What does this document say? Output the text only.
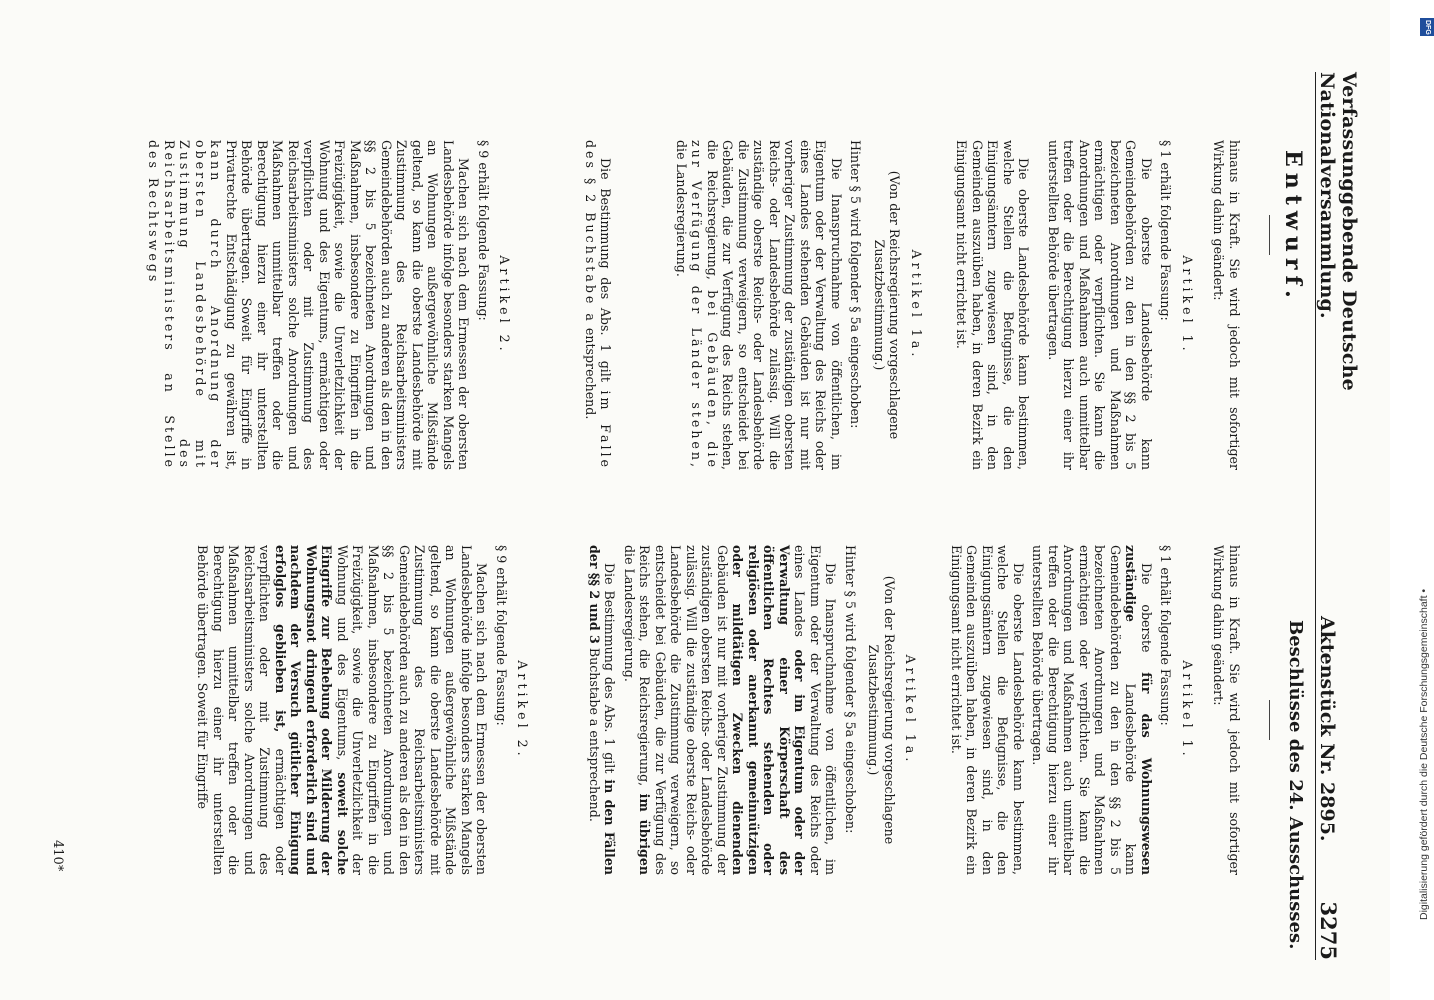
Verfassunggebende Deutsche Nationalversammlung.
Aktenstück Nr. 2895.
3275
Entwurf.
Beschlüsse des 24. Ausschusses.

hinaus in Kraft. Sie wird jedoch mit sofortiger Wirkung dahin geändert:

Artikel 1.

§ 1 erhält folgende Fassung:

Die oberste Landesbehörde kann Gemeindebehörden zu den in den §§ 2 bis 5 bezeichneten Anordnungen und Maßnahmen ermächtigen oder verpflichten. Sie kann die Anordnungen und Maßnahmen auch unmittelbar treffen oder die Berechtigung hierzu einer ihr unterstellten Behörde übertragen.

Die oberste Landesbehörde kann bestimmen, welche Stellen die Befugnisse, die den Einigungsämtern zugewiesen sind, in den Gemeinden auszuüben haben, in deren Bezirk ein Einigungsamt nicht errichtet ist.

Artikel 1a.

(Von der Reichsregierung vorgeschlagene Zusatzbestimmung.)

Hinter § 5 wird folgender § 5a eingeschoben:

Die Inanspruchnahme von öffentlichen, im Eigentum oder der Verwaltung des Reichs oder eines Landes stehenden Gebäuden ist nur mit vorheriger Zustimmung der zuständigen obersten Reichs- oder Landesbehörde zulässig. Will die zuständige oberste Reichs- oder Landesbehörde die Zustimmung verweigern, so entscheidet bei Gebäuden, die zur Verfügung des Reichs stehen, die Reichsregierung, bei Gebäuden, die zur Verfügung der Länder stehen, die Landesregierung.

Die Bestimmung des Abs. 1 gilt im Falle des § 2 Buchstabe a entsprechend.

Artikel 2.

§ 9 erhält folgende Fassung:

Machen sich nach dem Ermessen der obersten Landesbehörde infolge besonders starken Mangels an Wohnungen außergewöhnliche Mißstände geltend, so kann die oberste Landesbehörde mit Zustimmung des Reichsarbeitsministers Gemeindebehörden auch zu anderen als den in den §§ 2 bis 5 bezeichneten Anordnungen und Maßnahmen, insbesondere zu Eingriffen in die Freizügigkeit, sowie die Unverletzlichkeit der Wohnung und des Eigentums, ermächtigen oder verpflichten oder mit Zustimmung des Reichsarbeitsministers solche Anordnungen und Maßnahmen unmittelbar treffen oder die Berechtigung hierzu einer ihr unterstellten Behörde übertragen. Soweit für Eingriffe in Privatrechte Entschädigung zu gewähren ist, kann durch Anordnung der obersten Landesbehörde mit Zustimmung des Reichsarbeitsministers an Stelle des Rechtswegs

hinaus in Kraft. Sie wird jedoch mit sofortiger Wirkung dahin geändert:

Artikel 1.

§ 1 erhält folgende Fassung:

Die oberste für das Wohnungswesen zuständige Landesbehörde kann Gemeindebehörden zu den in den §§ 2 bis 5 bezeichneten Anordnungen und Maßnahmen ermächtigen oder verpflichten. Sie kann die Anordnungen und Maßnahmen auch unmittelbar treffen oder die Berechtigung hierzu einer ihr unterstellten Behörde übertragen.

Die oberste Landesbehörde kann bestimmen, welche Stellen die Befugnisse, die den Einigungsämtern zugewiesen sind, in den Gemeinden auszuüben haben, in deren Bezirk ein Einigungsamt nicht errichtet ist.

Artikel 1a.

(Von der Reichsregierung vorgeschlagene Zusatzbestimmung.)

Hinter § 5 wird folgender § 5a eingeschoben:

Die Inanspruchnahme von öffentlichen, im Eigentum oder der Verwaltung des Reichs oder eines Landes oder im Eigentum oder der Verwaltung einer Körperschaft des öffentlichen Rechtes stehenden oder religiösen oder anerkannt gemeinnützigen oder mildtätigen Zwecken dienenden Gebäuden ist nur mit vorheriger Zustimmung der zuständigen obersten Reichs- oder Landesbehörde zulässig. Will die zuständige oberste Reichs- oder Landesbehörde die Zustimmung verweigern, so entscheidet bei Gebäuden, die zur Verfügung des Reichs stehen, die Reichsregierung, im übrigen die Landesregierung.

Die Bestimmung des Abs. 1 gilt in den Fällen der §§ 2 und 3 Buchstabe a entsprechend.

Artikel 2.

§ 9 erhält folgende Fassung:

Machen sich nach dem Ermessen der obersten Landesbehörde infolge besonders starken Mangels an Wohnungen außergewöhnliche Mißstände geltend, so kann die oberste Landesbehörde mit Zustimmung des Reichsarbeitsministers Gemeindebehörden auch zu anderen als den in den §§ 2 bis 5 bezeichneten Anordnungen und Maßnahmen, insbesondere zu Eingriffen in die Freizügigkeit, sowie die Unverletzlichkeit der Wohnung und des Eigentums, soweit solche Eingriffe zur Behebung oder Milderung der Wohnungsnot dringend erforderlich sind und nachdem der Versuch gütlicher Einigung erfolglos geblieben ist, ermächtigen oder verpflichten oder mit Zustimmung des Reichsarbeitsministers solche Anordnungen und Maßnahmen unmittelbar treffen oder die Berechtigung hierzu einer ihr unterstellten Behörde übertragen. Soweit für Eingriffe

410*
DFG
Digitalisierung gefördert durch die Deutsche Forschungsgemeinschaft •
